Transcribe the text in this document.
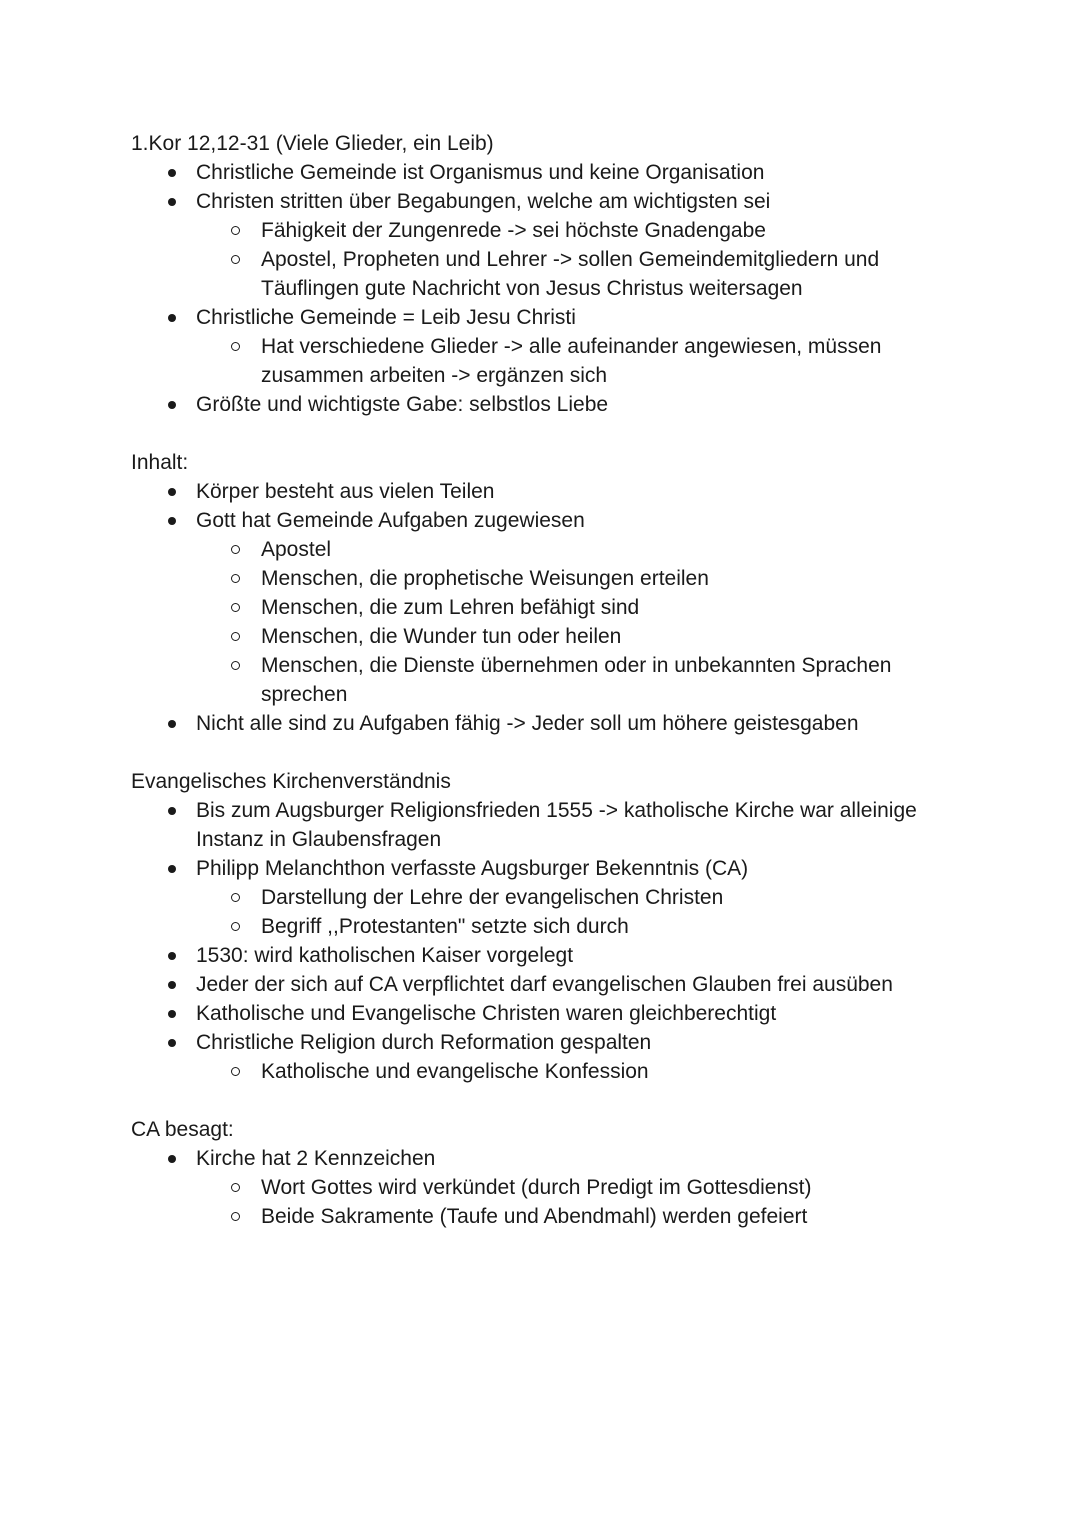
1.Kor 12,12-31 (Viele Glieder, ein Leib)

Christliche Gemeinde ist Organismus und keine Organisation
Christen stritten über Begabungen, welche am wichtigsten sei
Fähigkeit der Zungenrede -> sei höchste Gnadengabe
Apostel, Propheten und Lehrer -> sollen Gemeindemitgliedern und Täuflingen gute Nachricht von Jesus Christus weitersagen
Christliche Gemeinde = Leib Jesu Christi
Hat verschiedene Glieder -> alle aufeinander angewiesen, müssen zusammen arbeiten -> ergänzen sich
Größte und wichtigste Gabe: selbstlos Liebe

Inhalt:

Körper besteht aus vielen Teilen
Gott hat Gemeinde Aufgaben zugewiesen
Apostel
Menschen, die prophetische Weisungen erteilen
Menschen, die zum Lehren befähigt sind
Menschen, die Wunder tun oder heilen
Menschen, die Dienste übernehmen oder in unbekannten Sprachen sprechen
Nicht alle sind zu Aufgaben fähig -> Jeder soll um höhere geistesgaben

Evangelisches Kirchenverständnis

Bis zum Augsburger Religionsfrieden 1555 -> katholische Kirche war alleinige Instanz in Glaubensfragen
Philipp Melanchthon verfasste Augsburger Bekenntnis (CA)
Darstellung der Lehre der evangelischen Christen
Begriff ,,Protestanten" setzte sich durch
1530: wird katholischen Kaiser vorgelegt
Jeder der sich auf CA verpflichtet darf evangelischen Glauben frei ausüben
Katholische und Evangelische Christen waren gleichberechtigt
Christliche Religion durch Reformation gespalten
Katholische und evangelische Konfession

CA besagt:

Kirche hat 2 Kennzeichen
Wort Gottes wird verkündet (durch Predigt im Gottesdienst)
Beide Sakramente (Taufe und Abendmahl) werden gefeiert
